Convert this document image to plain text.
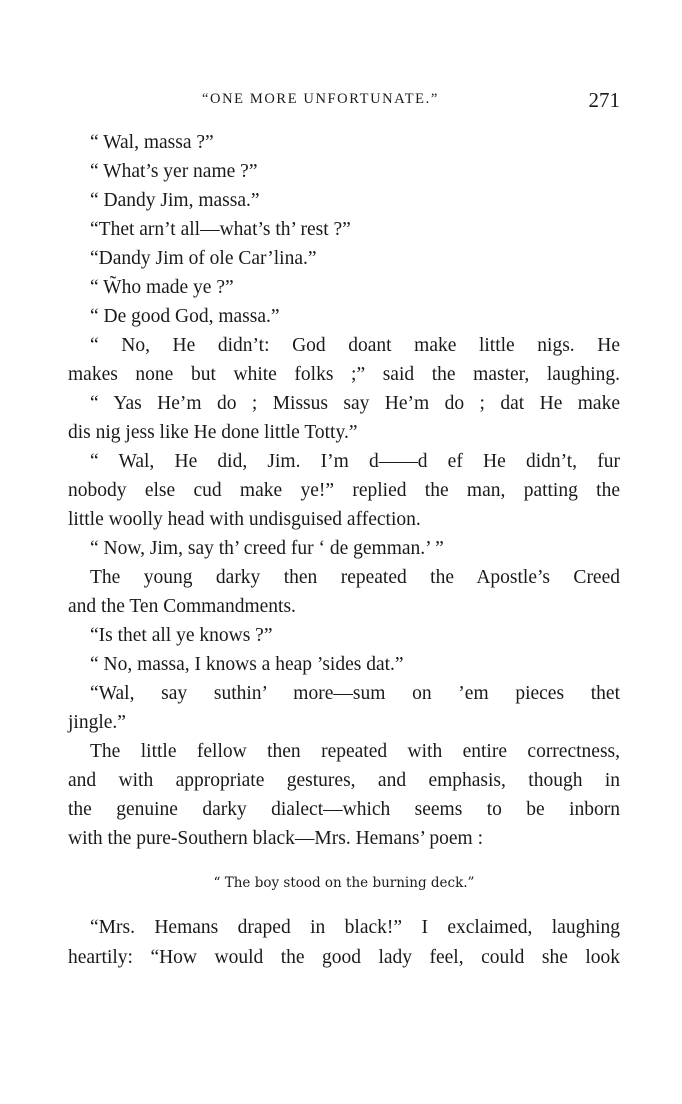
“ONE MORE UNFORTUNATE.”	271
“ Wal, massa ?”
“ What’s yer name ?”
“ Dandy Jim, massa.”
“Thet arn’t all—what’s th’ rest ?”
“Dandy Jim of ole Car’lina.”
“ W̃ho made ye ?”
“ De good God, massa.”
“ No, He didn’t: God doant make little nigs. He
makes none but white folks ;” said the master, laughing.
“ Yas He’m do ; Missus say He’m do ; dat He make
dis nig jess like He done little Totty.”
“ Wal, He did, Jim. I’m d——d ef He didn’t, fur
nobody else cud make ye!” replied the man, patting the
little woolly head with undisguised affection.
“ Now, Jim, say th’ creed fur ‘ de gemman.’ ”
The young darky then repeated the Apostle’s Creed
and the Ten Commandments.
“Is thet all ye knows ?”
“ No, massa, I knows a heap ’sides dat.”
“Wal, say suthin’ more—sum on ’em pieces thet
jingle.”
The little fellow then repeated with entire correctness,
and with appropriate gestures, and emphasis, though in
the genuine darky dialect—which seems to be inborn
with the pure-Southern black—Mrs. Hemans’ poem :
“ The boy stood on the burning deck.”
“Mrs. Hemans draped in black!” I exclaimed, laughing
heartily: “How would the good lady feel, could she look
